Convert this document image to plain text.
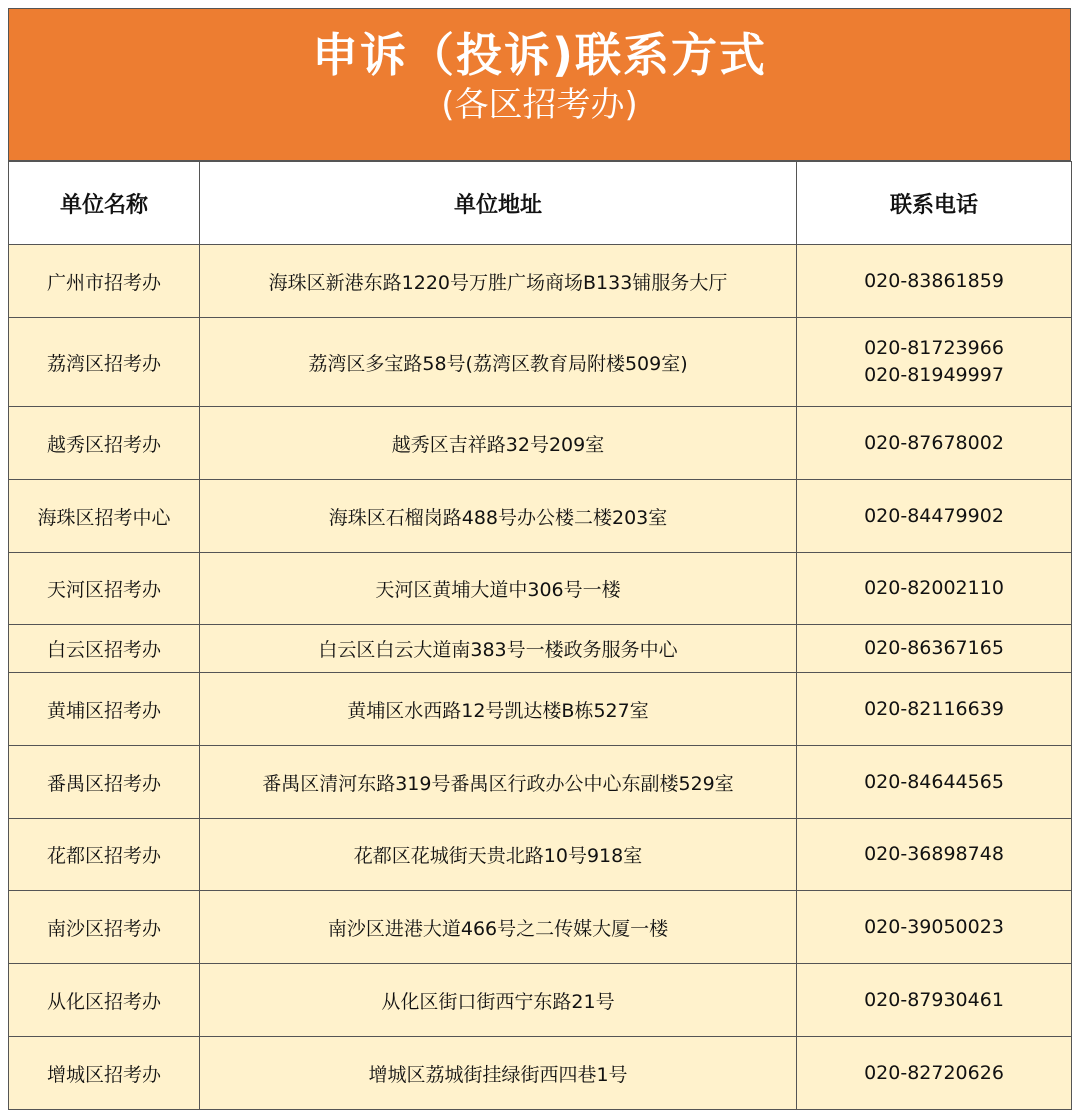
申诉（投诉)联系方式
(各区招考办)
单位名称	单位地址	联系电话
广州市招考办	海珠区新港东路1220号万胜广场商场B133铺服务大厅	020-83861859

荔湾区招考办	荔湾区多宝路58号(荔湾区教育局附楼509室)	020-81723966
020-81949997

越秀区招考办	越秀区吉祥路32号209室	020-87678002

海珠区招考中心	海珠区石榴岗路488号办公楼二楼203室	020-84479902

天河区招考办	天河区黄埔大道中306号一楼	020-82002110

白云区招考办	白云区白云大道南383号一楼政务服务中心	020-86367165

黄埔区招考办	黄埔区水西路12号凯达楼B栋527室	020-82116639

番禺区招考办	番禺区清河东路319号番禺区行政办公中心东副楼529室	020-84644565

花都区招考办	花都区花城街天贵北路10号918室	020-36898748

南沙区招考办	南沙区进港大道466号之二传媒大厦一楼	020-39050023

从化区招考办	从化区街口街西宁东路21号	020-87930461

增城区招考办	增城区荔城街挂绿街西四巷1号	020-82720626
